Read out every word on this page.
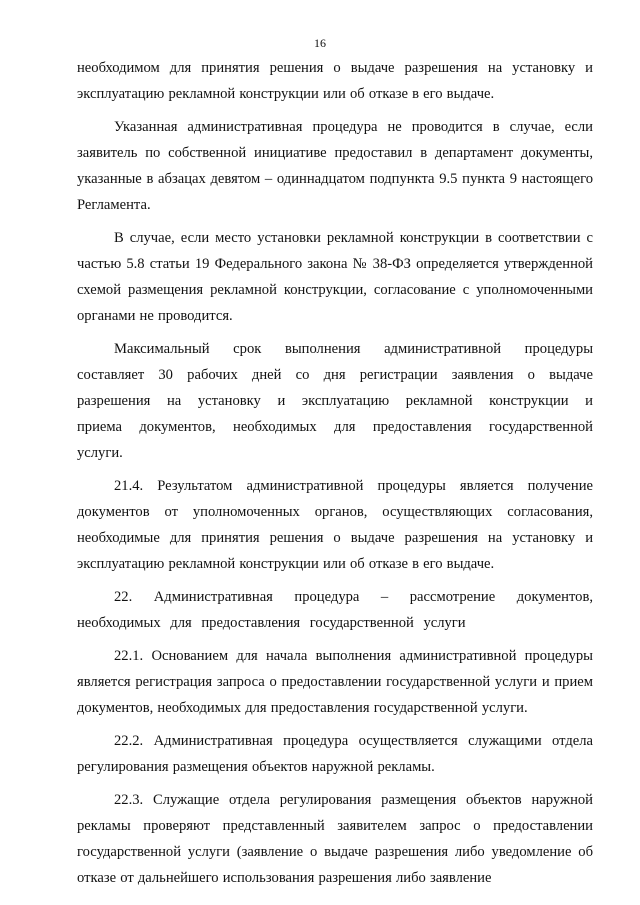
16

необходимом для принятия решения о выдаче разрешения на установку и эксплуатацию рекламной конструкции или об отказе в его выдаче.

Указанная административная процедура не проводится в случае, если заявитель по собственной инициативе предоставил в департамент документы, указанные в абзацах девятом – одиннадцатом подпункта 9.5 пункта 9 настоящего Регламента.

В случае, если место установки рекламной конструкции в соответствии с частью 5.8 статьи 19 Федерального закона № 38-ФЗ определяется утвержденной схемой размещения рекламной конструкции, согласование с уполномоченными органами не проводится.

Максимальный срок выполнения административной процедуры составляет 30 рабочих дней со дня регистрации заявления о выдаче разрешения на установку и эксплуатацию рекламной конструкции и приема документов, необходимых для предоставления государственной услуги.

21.4. Результатом административной процедуры является получение документов от уполномоченных органов, осуществляющих согласования, необходимые для принятия решения о выдаче разрешения на установку и эксплуатацию рекламной конструкции или об отказе в его выдаче.

22. Административная процедура – рассмотрение документов, необходимых для предоставления государственной услуги

22.1. Основанием для начала выполнения административной процедуры является регистрация запроса о предоставлении государственной услуги и прием документов, необходимых для предоставления государственной услуги.

22.2. Административная процедура осуществляется служащими отдела регулирования размещения объектов наружной рекламы.

22.3. Служащие отдела регулирования размещения объектов наружной рекламы проверяют представленный заявителем запрос о предоставлении государственной услуги (заявление о выдаче разрешения либо уведомление об отказе от дальнейшего использования разрешения либо заявление
